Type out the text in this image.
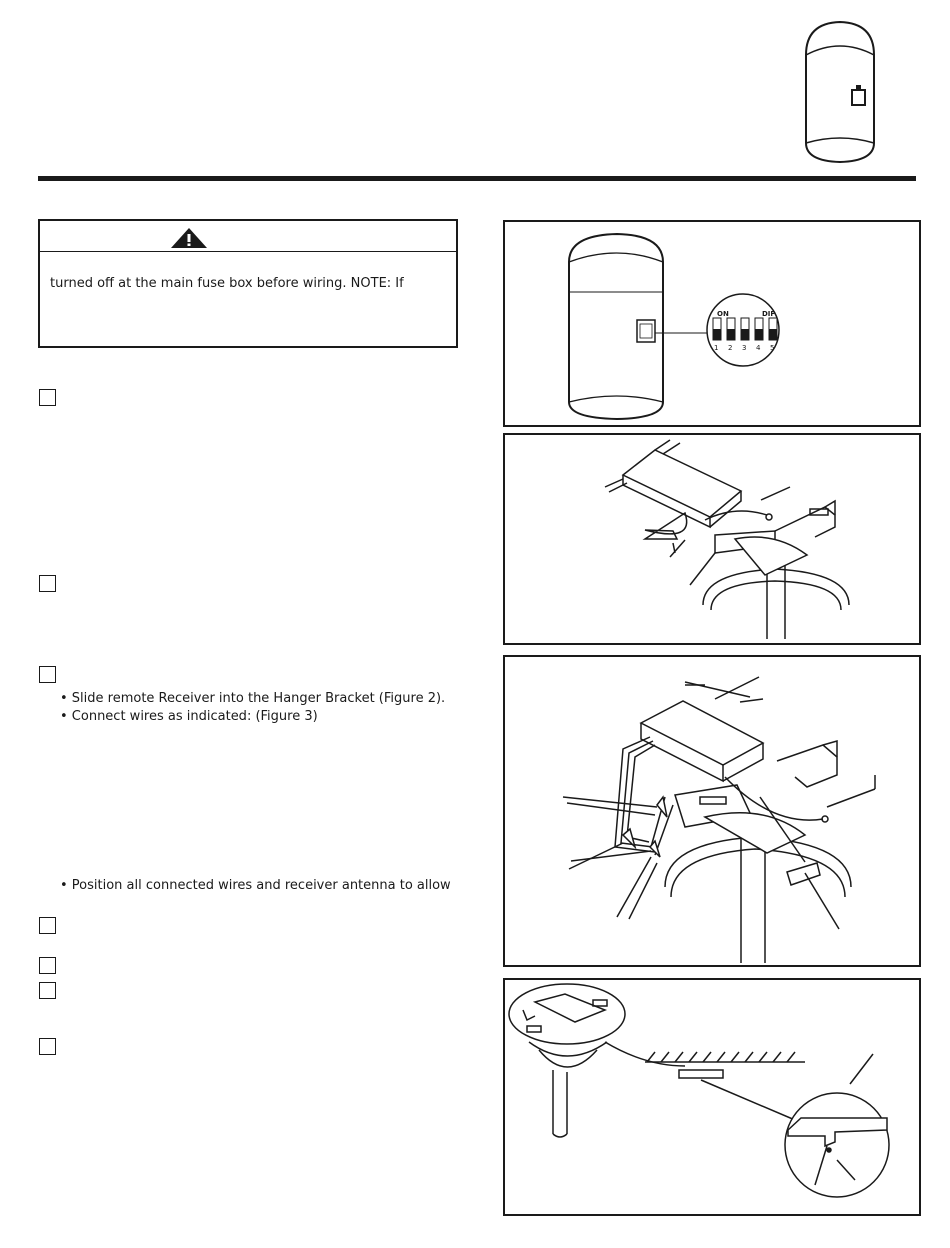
turned off at the main fuse box before wiring. NOTE: If
• Slide remote Receiver into the Hanger Bracket (Figure 2).
• Connect wires as indicated: (Figure 3)
• Position all connected wires and receiver antenna to allow
ON	DIP
1 2 3 4 5
